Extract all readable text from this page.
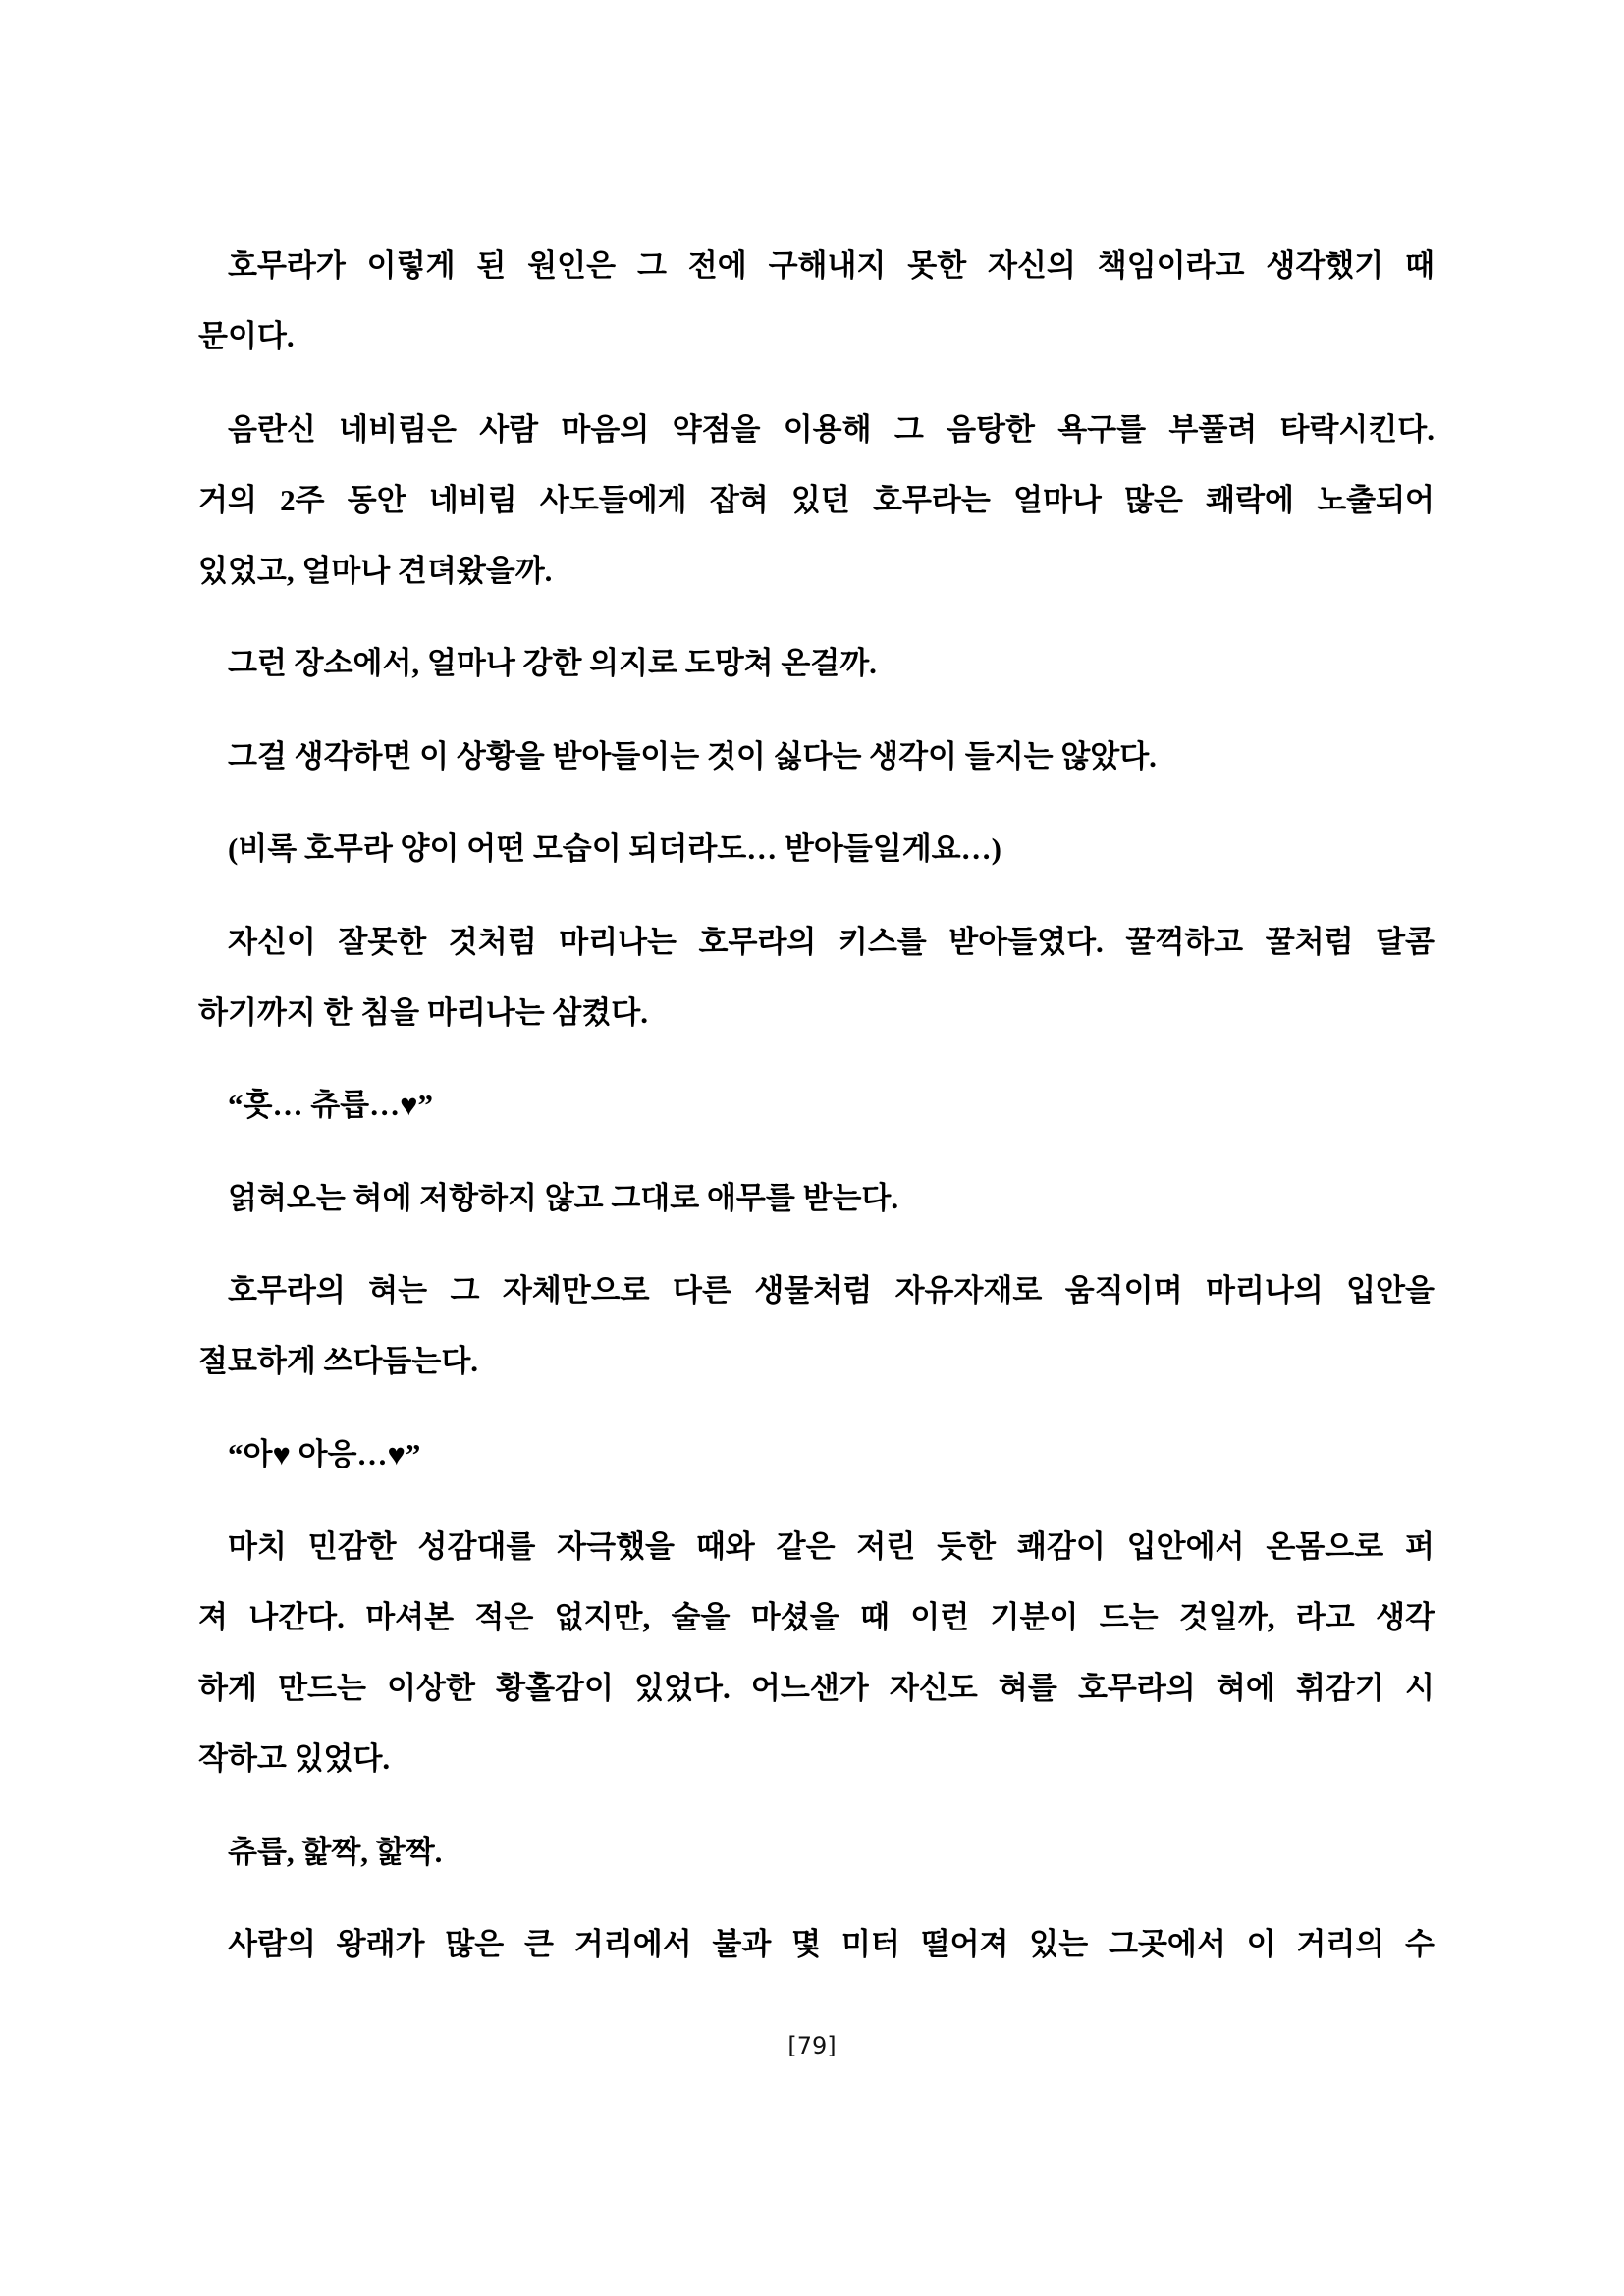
호무라가 이렇게 된 원인은 그 전에 구해내지 못한 자신의 책임이라고 생각했기 때
문이다.
음란신 네비림은 사람 마음의 약점을 이용해 그 음탕한 욕구를 부풀려 타락시킨다.
거의 2주 동안 네비림 사도들에게 잡혀 있던 호무라는 얼마나 많은 쾌락에 노출되어
있었고, 얼마나 견뎌왔을까.
그런 장소에서, 얼마나 강한 의지로 도망쳐 온걸까.
그걸 생각하면 이 상황을 받아들이는 것이 싫다는 생각이 들지는 않았다.
(비록 호무라 양이 어떤 모습이 되더라도… 받아들일게요…)
자신이 잘못한 것처럼 마리나는 호무라의 키스를 받아들였다. 꿀꺽하고 꿀처럼 달콤
하기까지 한 침을 마리나는 삼켰다.
“흣… 츄릅…♥”
얽혀오는 혀에 저항하지 않고 그대로 애무를 받는다.
호무라의 혀는 그 자체만으로 다른 생물처럼 자유자재로 움직이며 마리나의 입안을
절묘하게 쓰다듬는다.
“아♥ 아응…♥”
마치 민감한 성감대를 자극했을 때와 같은 저린 듯한 쾌감이 입안에서 온몸으로 퍼
져 나간다. 마셔본 적은 없지만, 술을 마셨을 때 이런 기분이 드는 것일까, 라고 생각
하게 만드는 이상한 황홀감이 있었다. 어느샌가 자신도 혀를 호무라의 혀에 휘감기 시
작하고 있었다.
츄릅, 핥짝, 핥짝.
사람의 왕래가 많은 큰 거리에서 불과 몇 미터 떨어져 있는 그곳에서 이 거리의 수
[79]
